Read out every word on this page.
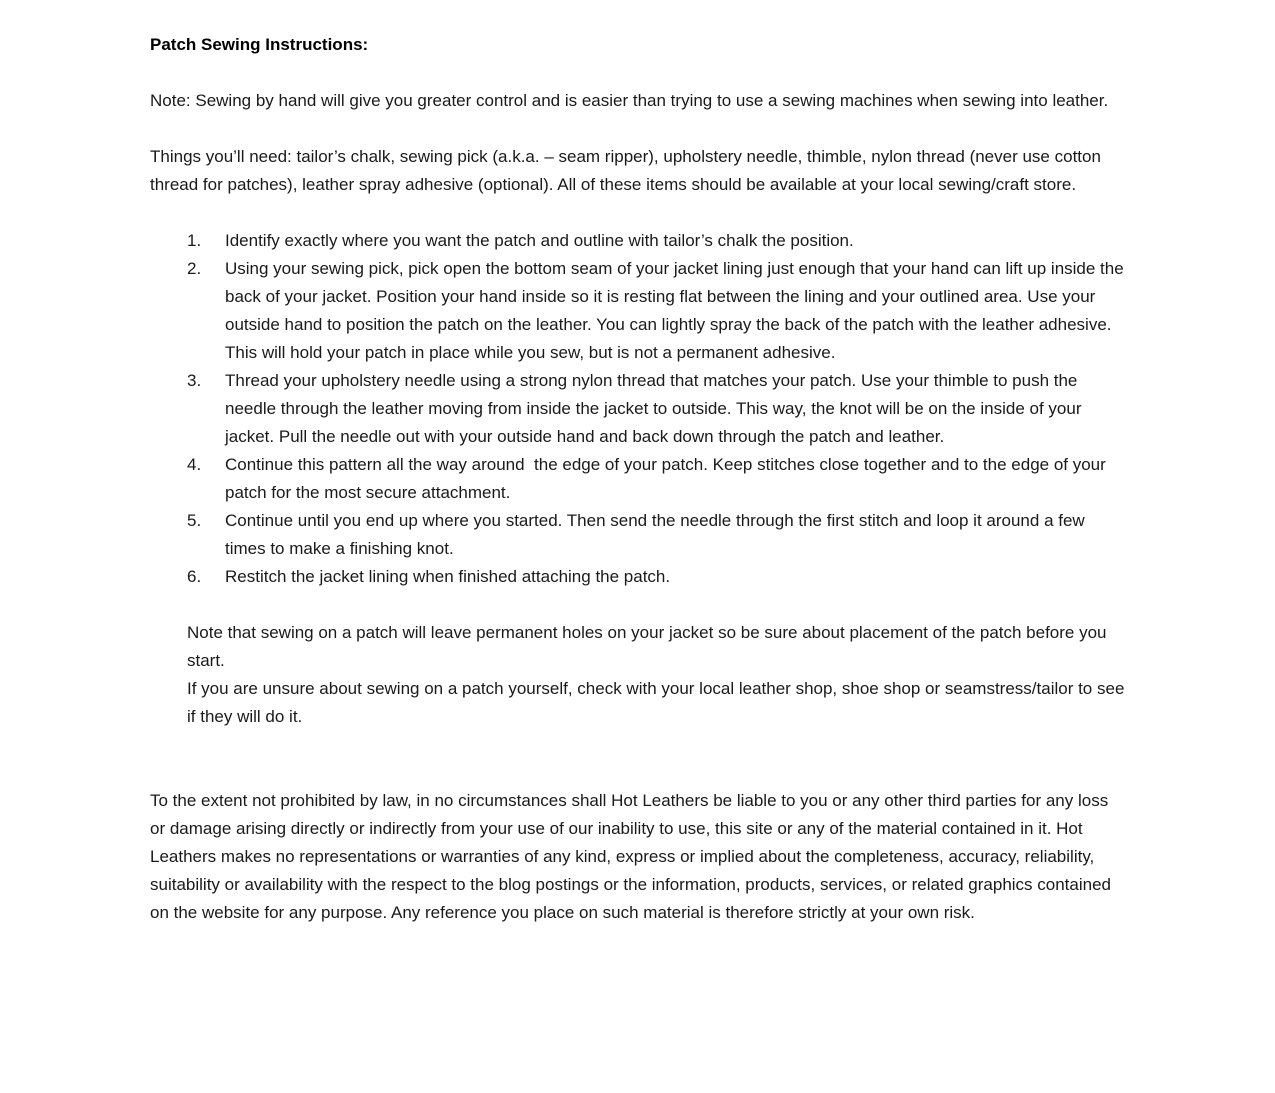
Patch Sewing Instructions:

Note: Sewing by hand will give you greater control and is easier than trying to use a sewing machines when sewing into leather.

Things you’ll need: tailor’s chalk, sewing pick (a.k.a. – seam ripper), upholstery needle, thimble, nylon thread (never use cotton thread for patches), leather spray adhesive (optional). All of these items should be available at your local sewing/craft store.

1.	Identify exactly where you want the patch and outline with tailor’s chalk the position.
2.	Using your sewing pick, pick open the bottom seam of your jacket lining just enough that your hand can lift up inside the back of your jacket. Position your hand inside so it is resting flat between the lining and your outlined area. Use your outside hand to position the patch on the leather. You can lightly spray the back of the patch with the leather adhesive. This will hold your patch in place while you sew, but is not a permanent adhesive.
3.	Thread your upholstery needle using a strong nylon thread that matches your patch. Use your thimble to push the needle through the leather moving from inside the jacket to outside. This way, the knot will be on the inside of your jacket. Pull the needle out with your outside hand and back down through the patch and leather.
4.	Continue this pattern all the way around  the edge of your patch. Keep stitches close together and to the edge of your patch for the most secure attachment.
5.	Continue until you end up where you started. Then send the needle through the first stitch and loop it around a few times to make a finishing knot.
6.	Restitch the jacket lining when finished attaching the patch.

Note that sewing on a patch will leave permanent holes on your jacket so be sure about placement of the patch before you start.

If you are unsure about sewing on a patch yourself, check with your local leather shop, shoe shop or seamstress/tailor to see if they will do it.

To the extent not prohibited by law, in no circumstances shall Hot Leathers be liable to you or any other third parties for any loss or damage arising directly or indirectly from your use of our inability to use, this site or any of the material contained in it. Hot Leathers makes no representations or warranties of any kind, express or implied about the completeness, accuracy, reliability, suitability or availability with the respect to the blog postings or the information, products, services, or related graphics contained on the website for any purpose. Any reference you place on such material is therefore strictly at your own risk.
